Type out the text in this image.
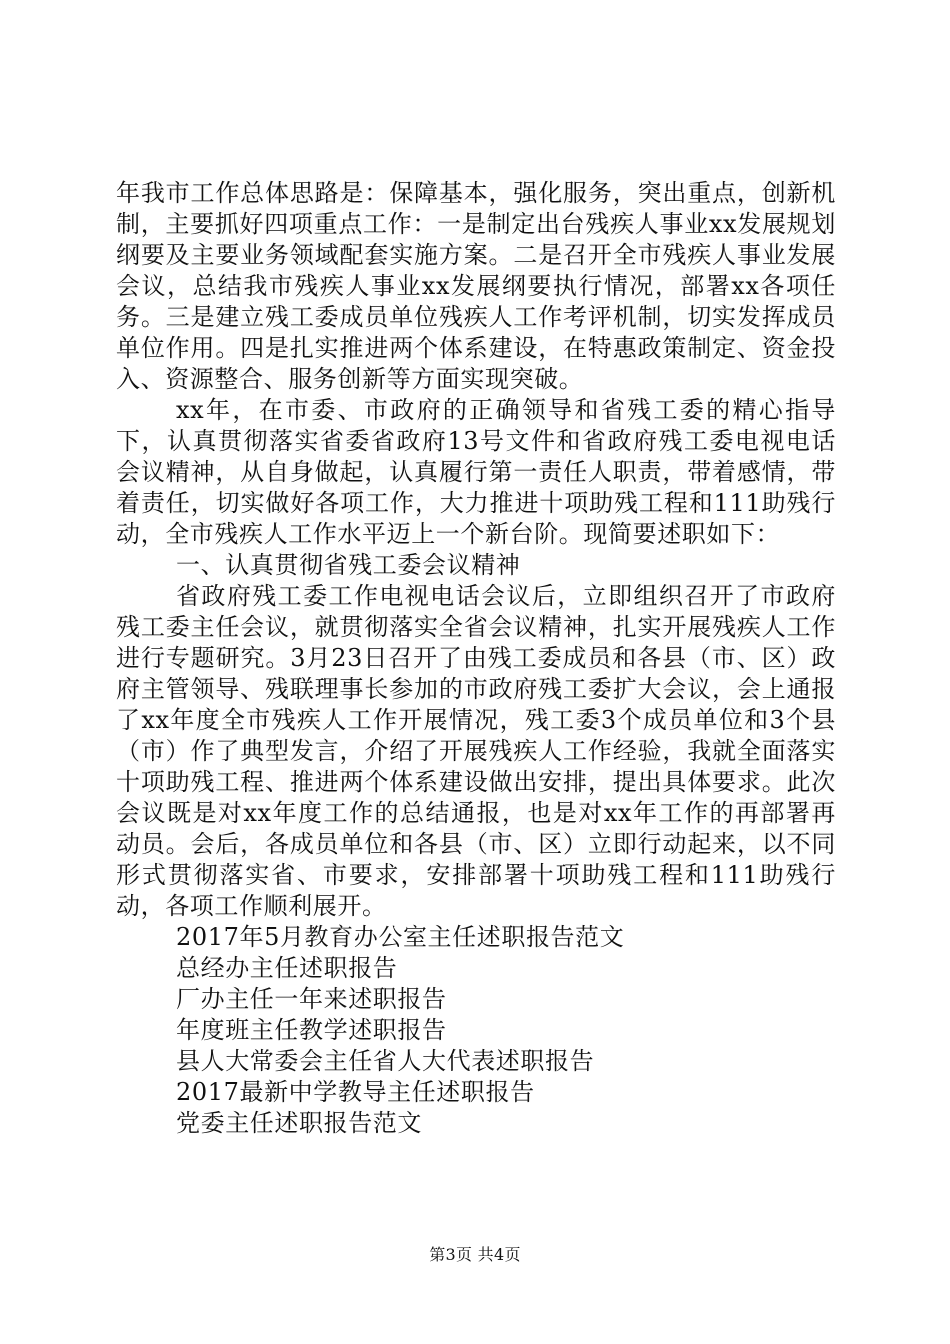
年我市工作总体思路是：保障基本，强化服务，突出重点，创新机制，主要抓好四项重点工作：一是制定出台残疾人事业xx发展规划纲要及主要业务领域配套实施方案。二是召开全市残疾人事业发展会议，总结我市残疾人事业xx发展纲要执行情况，部署xx各项任务。三是建立残工委成员单位残疾人工作考评机制，切实发挥成员单位作用。四是扎实推进两个体系建设，在特惠政策制定、资金投入、资源整合、服务创新等方面实现突破。

xx年，在市委、市政府的正确领导和省残工委的精心指导下，认真贯彻落实省委省政府13号文件和省政府残工委电视电话会议精神，从自身做起，认真履行第一责任人职责，带着感情，带着责任，切实做好各项工作，大力推进十项助残工程和111助残行动，全市残疾人工作水平迈上一个新台阶。现简要述职如下：

一、认真贯彻省残工委会议精神

省政府残工委工作电视电话会议后，立即组织召开了市政府残工委主任会议，就贯彻落实全省会议精神，扎实开展残疾人工作进行专题研究。3月23日召开了由残工委成员和各县（市、区）政府主管领导、残联理事长参加的市政府残工委扩大会议，会上通报了xx年度全市残疾人工作开展情况，残工委3个成员单位和3个县（市）作了典型发言，介绍了开展残疾人工作经验，我就全面落实十项助残工程、推进两个体系建设做出安排，提出具体要求。此次会议既是对xx年度工作的总结通报，也是对xx年工作的再部署再动员。会后，各成员单位和各县（市、区）立即行动起来，以不同形式贯彻落实省、市要求，安排部署十项助残工程和111助残行动，各项工作顺利展开。

2017年5月教育办公室主任述职报告范文
总经办主任述职报告
厂办主任一年来述职报告
年度班主任教学述职报告
县人大常委会主任省人大代表述职报告
2017最新中学教导主任述职报告
党委主任述职报告范文
第3页 共4页
